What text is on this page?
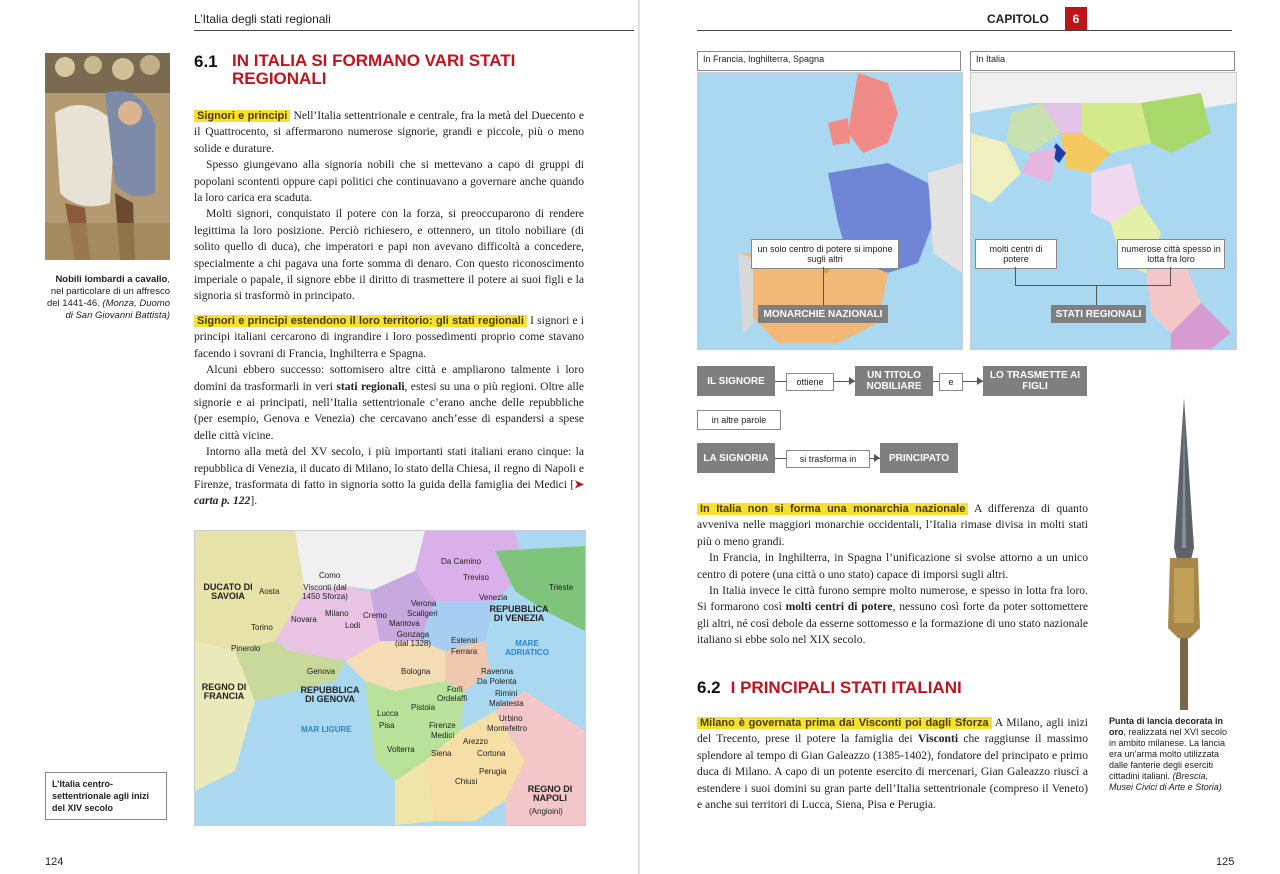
L’Italia degli stati regionali
Nobili lombardi a cavallo, nel particolare di un affresco del 1441-46. (Monza, Duomo di San Giovanni Battista)
6.1 IN ITALIA SI FORMANO VARI STATI REGIONALI

Signori e principi Nell’Italia settentrionale e centrale, fra la metà del Duecento e il Quattrocento, si affermarono numerose signorie, grandi e piccole, più o meno solide e durature.

Spesso giungevano alla signoria nobili che si mettevano a capo di gruppi di popolani scontenti oppure capi politici che continuavano a governare anche quando la loro carica era scaduta.

Molti signori, conquistato il potere con la forza, si preoccuparono di rendere legittima la loro posizione. Perciò richiesero, e ottennero, un titolo nobiliare (di solito quello di duca), che imperatori e papi non avevano difficoltà a concedere, specialmente a chi pagava una forte somma di denaro. Con questo riconoscimento imperiale o papale, il signore ebbe il diritto di trasmettere il potere ai suoi figli e la signoria si trasformò in principato.

Signori e principi estendono il loro territorio: gli stati regionali I signori e i principi italiani cercarono di ingrandire i loro possedimenti proprio come stavano facendo i sovrani di Francia, Inghilterra e Spagna.

Alcuni ebbero successo: sottomisero altre città e ampliarono talmente i loro domini da trasformarli in veri stati regionali, estesi su una o più regioni. Oltre alle signorie e ai principati, nell’Italia settentrionale c’erano anche delle repubbliche (per esempio, Genova e Venezia) che cercavano anch’esse di espandersi a spese delle città vicine.

Intorno alla metà del XV secolo, i più importanti stati italiani erano cinque: la repubblica di Venezia, il ducato di Milano, lo stato della Chiesa, il regno di Napoli e Firenze, trasformata di fatto in signoria sotto la guida della famiglia dei Medici [➤ carta p. 122].

DUCATO DI SAVOIA	Aosta
Torino
Pinerolo
REGNO DI FRANCIA
Como
Visconti (dal 1450 Sforza)
Milano
Novara
Lodi
Cremo
Genova
REPUBBLICA DI GENOVA
MAR LIGURE
Verona
Scaligeri
Mantova
Gonzaga (dal 1328)	Estensi
Ferrara
Da Camino
Treviso
Venezia
Trieste
REPUBBLICA DI VENEZIA
MARE ADRIATICO
Bologna	Ravenna
Da Polenta
Forlì
Ordelaffi
Rimini
Malatesta
Lucca
Pistoia
Pisa	Firenze
Medici
Urbino
Montefeltro
Arezzo
Cortona
Volterra Siena
Perugia
Chiusi
REGNO DI NAPOLI
(Angioini)
L’Italia centro-settentrionale agli inizi del XIV secolo
124
CAPITOLO	6
In Francia, Inghilterra, Spagna
un solo centro di potere si impone sugli altri
MONARCHIE NAZIONALI
In Italia
molti centri di potere
numerose città spesso in lotta fra loro
STATI REGIONALI
IL SIGNORE	ottiene
UN TITOLO NOBILIARE	e
LO TRASMETTE AI FIGLI
in altre parole
LA SIGNORIA	si trasforma in	PRINCIPATO

In Italia non si forma una monarchia nazionale A differenza di quanto avveniva nelle maggiori monarchie occidentali, l’Italia rimase divisa in molti stati più o meno grandi.

In Francia, in Inghilterra, in Spagna l’unificazione si svolse attorno a un unico centro di potere (una città o uno stato) capace di imporsi sugli altri.

In Italia invece le città furono sempre molto numerose, e spesso in lotta fra loro. Si formarono così molti centri di potere, nessuno così forte da poter sottomettere gli altri, né così debole da esserne sottomesso e la formazione di uno stato nazionale italiano si ebbe solo nel XIX secolo.

6.2 I PRINCIPALI STATI ITALIANI

Milano è governata prima dai Visconti poi dagli Sforza A Milano, agli inizi del Trecento, prese il potere la famiglia dei Visconti che raggiunse il massimo splendore al tempo di Gian Galeazzo (1385-1402), fondatore del principato e primo duca di Milano. A capo di un potente esercito di mercenari, Gian Galeazzo riuscì a estendere i suoi domini su gran parte dell’Italia settentrionale (compreso il Veneto) e anche sui territori di Lucca, Siena, Pisa e Perugia.

Punta di lancia decorata in oro, realizzata nel XVI secolo in ambito milanese. La lancia era un’arma molto utilizzata dalle fanterie degli eserciti cittadini italiani. (Brescia, Musei Civici di Arte e Storia)
125
